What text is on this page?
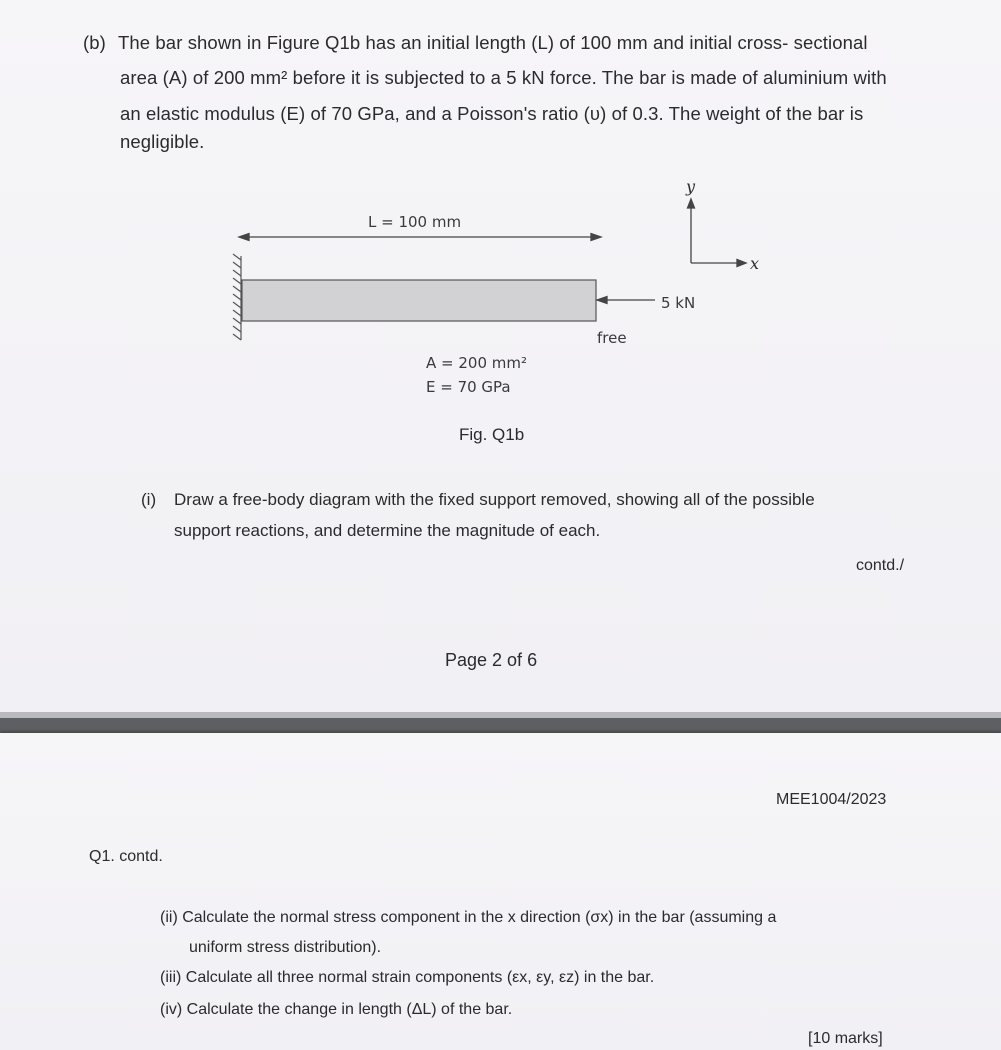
(b) The bar shown in Figure Q1b has an initial length (L) of 100 mm and initial cross- sectional
area (A) of 200 mm² before it is subjected to a 5 kN force. The bar is made of aluminium with
an elastic modulus (E) of 70 GPa, and a Poisson's ratio (υ) of 0.3. The weight of the bar is
negligible.
L = 100 mm
y
x
5 kN
free
A = 200 mm²
E = 70 GPa
Fig. Q1b
(i) Draw a free-body diagram with the fixed support removed, showing all of the possible
support reactions, and determine the magnitude of each.
contd./
Page 2 of 6
MEE1004/2023
Q1. contd.
(ii) Calculate the normal stress component in the x direction (σx) in the bar (assuming a
uniform stress distribution).
(iii) Calculate all three normal strain components (εx, εy, εz) in the bar.
(iv) Calculate the change in length (ΔL) of the bar.
[10 marks]
